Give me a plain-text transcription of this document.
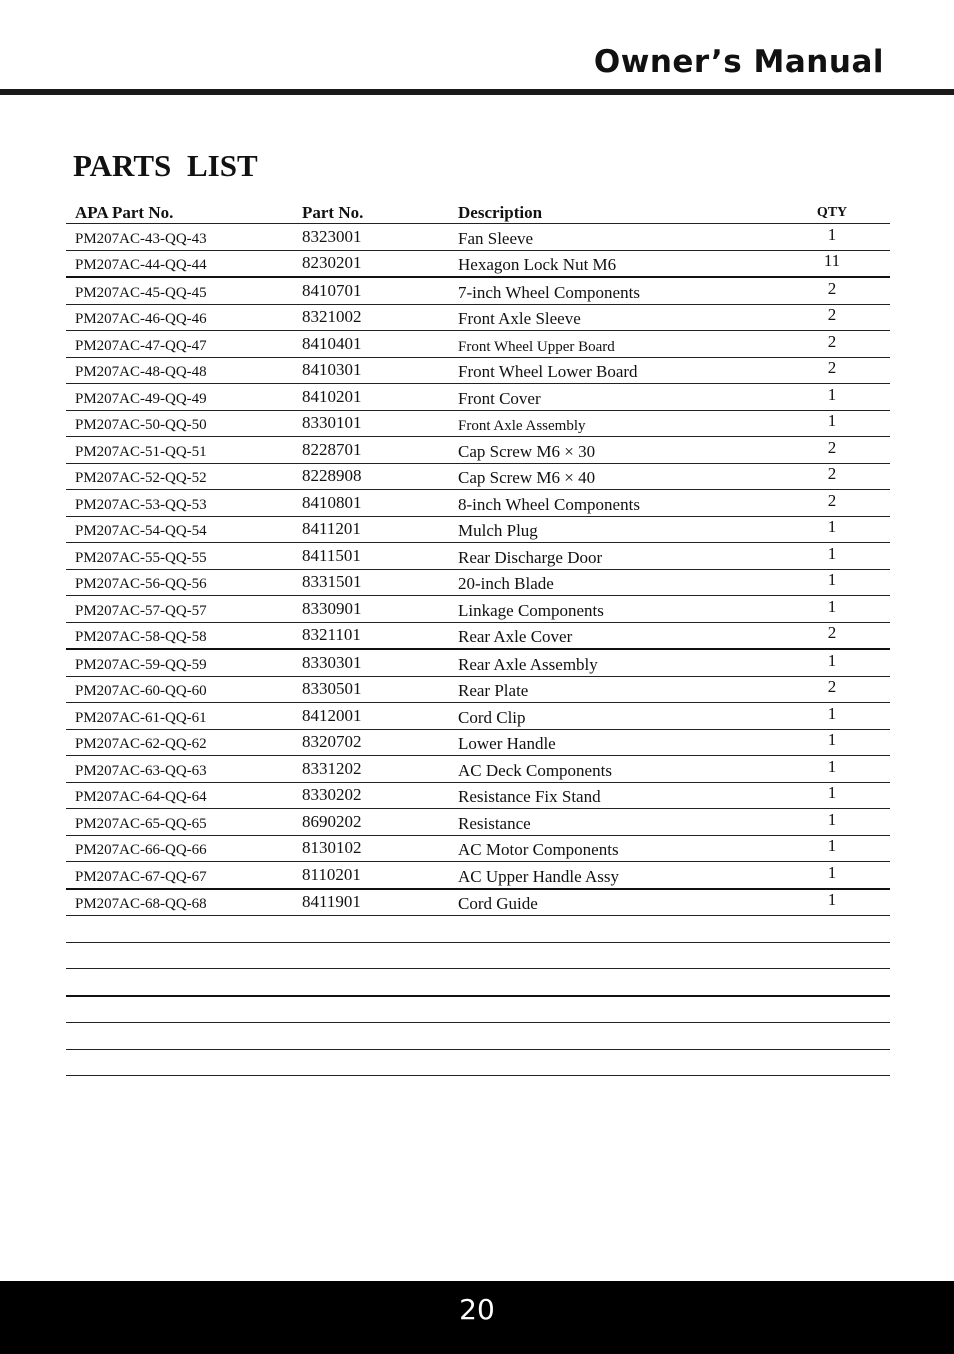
Owner’s Manual
PARTS LIST
APA Part No.	Part No.	Description	QTY
PM207AC-43-QQ-43	8323001	Fan Sleeve	1
PM207AC-44-QQ-44	8230201	Hexagon Lock Nut M6	11
PM207AC-45-QQ-45	8410701	7-inch Wheel Components	2
PM207AC-46-QQ-46	8321002	Front Axle Sleeve	2
PM207AC-47-QQ-47	8410401	Front Wheel Upper Board	2
PM207AC-48-QQ-48	8410301	Front Wheel Lower Board	2
PM207AC-49-QQ-49	8410201	Front Cover	1
PM207AC-50-QQ-50	8330101	Front Axle Assembly	1
PM207AC-51-QQ-51	8228701	Cap Screw M6 × 30	2
PM207AC-52-QQ-52	8228908	Cap Screw M6 × 40	2
PM207AC-53-QQ-53	8410801	8-inch Wheel Components	2
PM207AC-54-QQ-54	8411201	Mulch Plug	1
PM207AC-55-QQ-55	8411501	Rear Discharge Door	1
PM207AC-56-QQ-56	8331501	20-inch Blade	1
PM207AC-57-QQ-57	8330901	Linkage Components	1
PM207AC-58-QQ-58	8321101	Rear Axle Cover	2
PM207AC-59-QQ-59	8330301	Rear Axle Assembly	1
PM207AC-60-QQ-60	8330501	Rear Plate	2
PM207AC-61-QQ-61	8412001	Cord Clip	1
PM207AC-62-QQ-62	8320702	Lower Handle	1
PM207AC-63-QQ-63	8331202	AC Deck Components	1
PM207AC-64-QQ-64	8330202	Resistance Fix Stand	1
PM207AC-65-QQ-65	8690202	Resistance	1
PM207AC-66-QQ-66	8130102	AC Motor Components	1
PM207AC-67-QQ-67	8110201	AC Upper Handle Assy	1
PM207AC-68-QQ-68	8411901	Cord Guide	1
20
